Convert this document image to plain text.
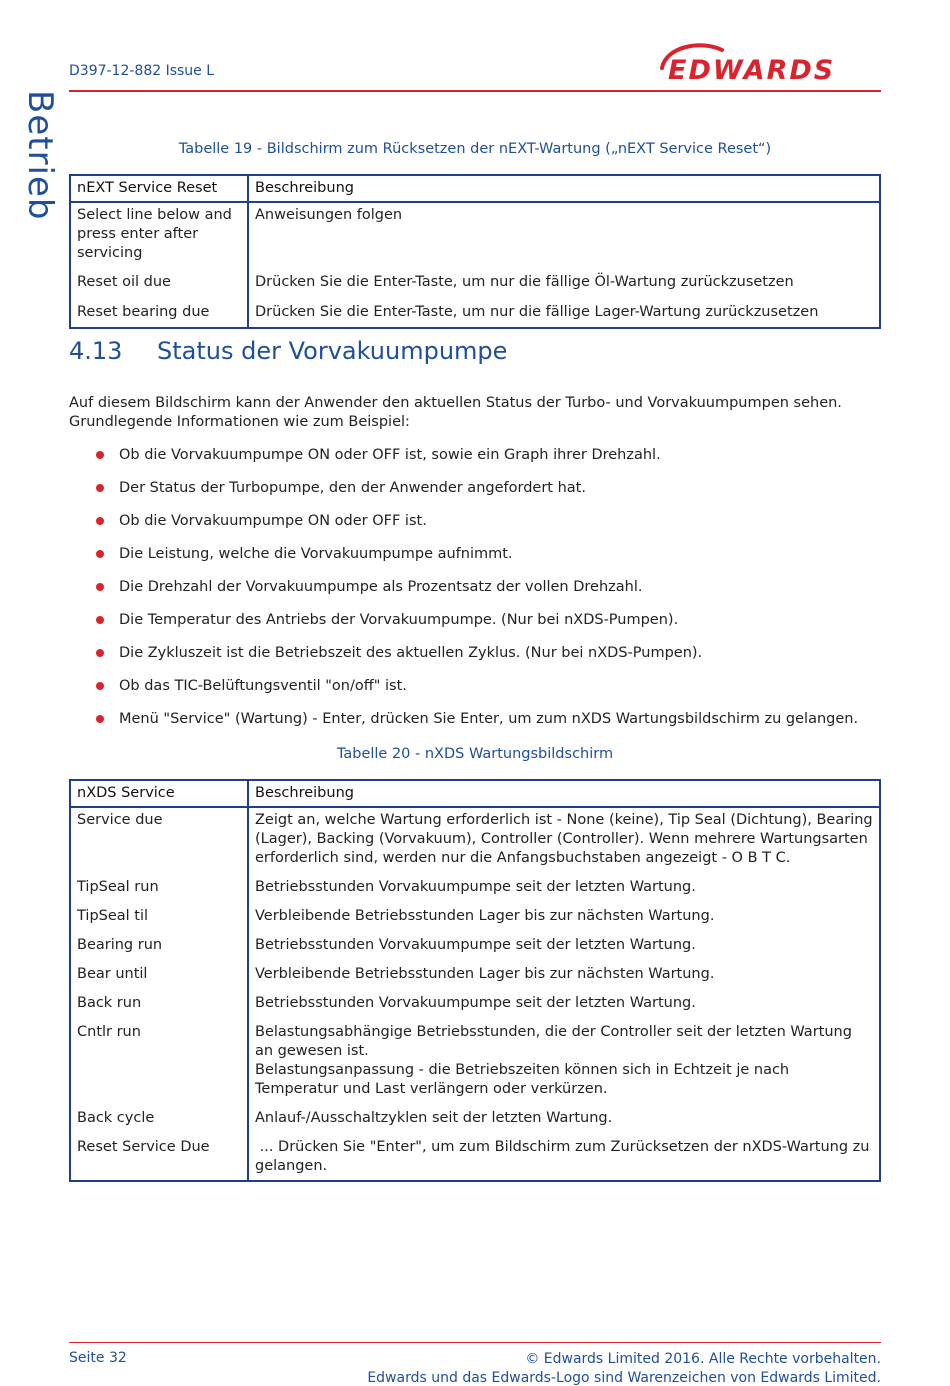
Betrieb
D397-12-882 Issue L	EDWARDS
Tabelle 19 - Bildschirm zum Rücksetzen der nEXT-Wartung („nEXT Service Reset“)
nEXT Service Reset	Beschreibung
Select line below and press enter after servicing	Anweisungen folgen
Reset oil due	Drücken Sie die Enter-Taste, um nur die fällige Öl-Wartung zurückzusetzen
Reset bearing due	Drücken Sie die Enter-Taste, um nur die fällige Lager-Wartung zurückzusetzen
4.13 Status der Vorvakuumpumpe

Auf diesem Bildschirm kann der Anwender den aktuellen Status der Turbo- und Vorvakuumpumpen sehen. Grundlegende Informationen wie zum Beispiel:

Ob die Vorvakuumpumpe ON oder OFF ist, sowie ein Graph ihrer Drehzahl.
Der Status der Turbopumpe, den der Anwender angefordert hat.
Ob die Vorvakuumpumpe ON oder OFF ist.
Die Leistung, welche die Vorvakuumpumpe aufnimmt.
Die Drehzahl der Vorvakuumpumpe als Prozentsatz der vollen Drehzahl.
Die Temperatur des Antriebs der Vorvakuumpumpe. (Nur bei nXDS-Pumpen).
Die Zykluszeit ist die Betriebszeit des aktuellen Zyklus. (Nur bei nXDS-Pumpen).
Ob das TIC-Belüftungsventil "on/off" ist.
Menü "Service" (Wartung) - Enter, drücken Sie Enter, um zum nXDS Wartungsbildschirm zu gelangen.
Tabelle 20 - nXDS Wartungsbildschirm
nXDS Service	Beschreibung
Service due	Zeigt an, welche Wartung erforderlich ist - None (keine), Tip Seal (Dichtung), Bearing (Lager), Backing (Vorvakuum), Controller (Controller). Wenn mehrere Wartungsarten erforderlich sind, werden nur die Anfangsbuchstaben angezeigt - O B T C.
TipSeal run	Betriebsstunden Vorvakuumpumpe seit der letzten Wartung.
TipSeal til	Verbleibende Betriebsstunden Lager bis zur nächsten Wartung.
Bearing run	Betriebsstunden Vorvakuumpumpe seit der letzten Wartung.
Bear until	Verbleibende Betriebsstunden Lager bis zur nächsten Wartung.
Back run	Betriebsstunden Vorvakuumpumpe seit der letzten Wartung.
Cntlr run	Belastungsabhängige Betriebsstunden, die der Controller seit der letzten Wartung an gewesen ist.
Belastungsanpassung - die Betriebszeiten können sich in Echtzeit je nach Temperatur und Last verlängern oder verkürzen.
Back cycle	Anlauf-/Ausschaltzyklen seit der letzten Wartung.
Reset Service Due	... Drücken Sie "Enter", um zum Bildschirm zum Zurücksetzen der nXDS-Wartung zu gelangen.
Seite 32	© Edwards Limited 2016. Alle Rechte vorbehalten.
Edwards und das Edwards-Logo sind Warenzeichen von Edwards Limited.
